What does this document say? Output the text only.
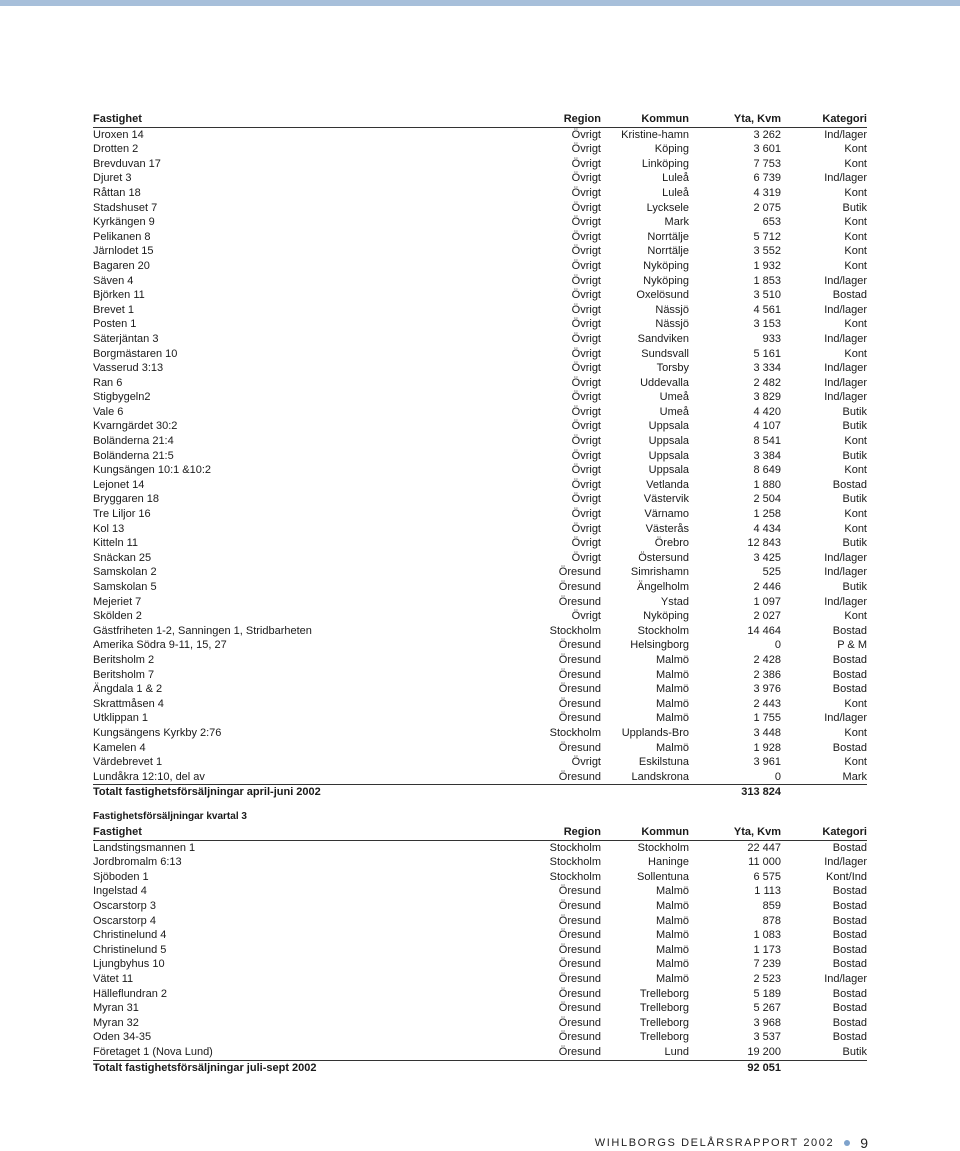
Fastighet	Region	Kommun	Yta, Kvm	Kategori
Uroxen 14	Övrigt	Kristine-hamn	3 262	Ind/lager
Drotten 2	Övrigt	Köping	3 601	Kont
Brevduvan 17	Övrigt	Linköping	7 753	Kont
Djuret 3	Övrigt	Luleå	6 739	Ind/lager
Råttan 18	Övrigt	Luleå	4 319	Kont
Stadshuset 7	Övrigt	Lycksele	2 075	Butik
Kyrkängen 9	Övrigt	Mark	653	Kont
Pelikanen 8	Övrigt	Norrtälje	5 712	Kont
Järnlodet 15	Övrigt	Norrtälje	3 552	Kont
Bagaren 20	Övrigt	Nyköping	1 932	Kont
Säven 4	Övrigt	Nyköping	1 853	Ind/lager
Björken 11	Övrigt	Oxelösund	3 510	Bostad
Brevet 1	Övrigt	Nässjö	4 561	Ind/lager
Posten 1	Övrigt	Nässjö	3 153	Kont
Säterjäntan 3	Övrigt	Sandviken	933	Ind/lager
Borgmästaren 10	Övrigt	Sundsvall	5 161	Kont
Vasserud 3:13	Övrigt	Torsby	3 334	Ind/lager
Ran 6	Övrigt	Uddevalla	2 482	Ind/lager
Stigbygeln2	Övrigt	Umeå	3 829	Ind/lager
Vale 6	Övrigt	Umeå	4 420	Butik
Kvarngärdet 30:2	Övrigt	Uppsala	4 107	Butik
Boländerna 21:4	Övrigt	Uppsala	8 541	Kont
Boländerna 21:5	Övrigt	Uppsala	3 384	Butik
Kungsängen 10:1 &10:2	Övrigt	Uppsala	8 649	Kont
Lejonet 14	Övrigt	Vetlanda	1 880	Bostad
Bryggaren 18	Övrigt	Västervik	2 504	Butik
Tre Liljor 16	Övrigt	Värnamo	1 258	Kont
Kol 13	Övrigt	Västerås	4 434	Kont
Kitteln 11	Övrigt	Örebro	12 843	Butik
Snäckan 25	Övrigt	Östersund	3 425	Ind/lager
Samskolan 2	Öresund	Simrishamn	525	Ind/lager
Samskolan 5	Öresund	Ängelholm	2 446	Butik
Mejeriet 7	Öresund	Ystad	1 097	Ind/lager
Skölden 2	Övrigt	Nyköping	2 027	Kont
Gästfriheten 1-2, Sanningen 1, Stridbarheten	Stockholm	Stockholm	14 464	Bostad
Amerika Södra 9-11, 15, 27	Öresund	Helsingborg	0	P & M
Beritsholm 2	Öresund	Malmö	2 428	Bostad
Beritsholm 7	Öresund	Malmö	2 386	Bostad
Ängdala 1 & 2	Öresund	Malmö	3 976	Bostad
Skrattmåsen 4	Öresund	Malmö	2 443	Kont
Utklippan 1	Öresund	Malmö	1 755	Ind/lager
Kungsängens Kyrkby 2:76	Stockholm	Upplands-Bro	3 448	Kont
Kamelen 4	Öresund	Malmö	1 928	Bostad
Värdebrevet 1	Övrigt	Eskilstuna	3 961	Kont
Lundåkra 12:10, del av	Öresund	Landskrona	0	Mark
Totalt fastighetsförsäljningar april-juni 2002			313 824	
Fastighetsförsäljningar kvartal 3
Fastighet	Region	Kommun	Yta, Kvm	Kategori
Landstingsmannen 1	Stockholm	Stockholm	22 447	Bostad
Jordbromalm 6:13	Stockholm	Haninge	11 000	Ind/lager
Sjöboden 1	Stockholm	Sollentuna	6 575	Kont/Ind
Ingelstad 4	Öresund	Malmö	1 113	Bostad
Oscarstorp 3	Öresund	Malmö	859	Bostad
Oscarstorp 4	Öresund	Malmö	878	Bostad
Christinelund 4	Öresund	Malmö	1 083	Bostad
Christinelund 5	Öresund	Malmö	1 173	Bostad
Ljungbyhus 10	Öresund	Malmö	7 239	Bostad
Vätet 11	Öresund	Malmö	2 523	Ind/lager
Hälleflundran 2	Öresund	Trelleborg	5 189	Bostad
Myran 31	Öresund	Trelleborg	5 267	Bostad
Myran 32	Öresund	Trelleborg	3 968	Bostad
Oden 34-35	Öresund	Trelleborg	3 537	Bostad
Företaget 1 (Nova Lund)	Öresund	Lund	19 200	Butik
Totalt fastighetsförsäljningar juli-sept 2002			92 051	
WIHLBORGS DELÅRSRAPPORT 2002 9
